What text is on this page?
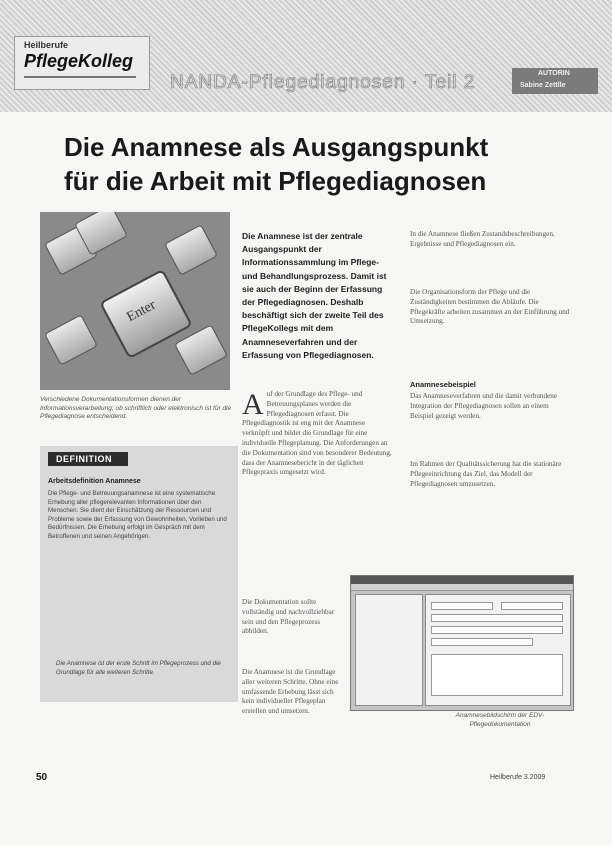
Heilberufe
PflegeKolleg
NANDA-Pflegediagnosen · Teil 2	AUTORIN
Sabine Zettlle
Die Anamnese als Ausgangspunkt
für die Arbeit mit Pflegediagnosen
Enter
Verschiedene Dokumentationsformen dienen der Informationsverarbeitung; ob schriftlich oder elektronisch ist für die Pflegediagnose entscheidend.
DEFINITION
Arbeitsdefinition Anamnese
Die Pflege- und Betreuungsanamnese ist eine systematische Erhebung aller pflegerelevanten Informationen über den Menschen. Sie dient der Einschätzung der Ressourcen und Probleme sowie der Erfassung von Gewohnheiten, Vorlieben und Bedürfnissen. Die Erhebung erfolgt im Gespräch mit dem Betroffenen und seinen Angehörigen.
Die Anamnese ist der erste Schritt im Pflegeprozess und die Grundlage für alle weiteren Schritte.
Die Anamnese ist der zentrale Ausgangspunkt der Informationssammlung im Pflege- und Behandlungsprozess. Damit ist sie auch der Beginn der Erfassung der Pflegediagnosen. Deshalb beschäftigt sich der zweite Teil des PflegeKollegs mit dem Anamneseverfahren und der Erfassung von Pflegediagnosen.
Auf der Grundlage des Pflege- und Betreuungsplanes werden die Pflegediagnosen erfasst. Die Pflegediagnostik ist eng mit der Anamnese verknüpft und bildet die Grundlage für eine individuelle Pflegeplanung. Die Anforderungen an die Dokumentation sind von besonderer Bedeutung, dass der Anamnesebericht in der täglichen Pflegepraxis umgesetzt wird.
Die Dokumentation sollte vollständig und nachvollziehbar sein und den Pflegeprozess abbilden.
Die Anamnese ist die Grundlage aller weiteren Schritte. Ohne eine umfassende Erhebung lässt sich kein individueller Pflegeplan erstellen und umsetzen.
In die Anamnese fließen Zustandsbeschreibungen, Ergebnisse und Pflegediagnosen ein.
Die Organisationsform der Pflege und die Zuständigkeiten bestimmen die Abläufe. Die Pflegekräfte arbeiten zusammen an der Einführung und Umsetzung.
Anamnesebeispiel
Das Anamneseverfahren und die damit verbundene Integration der Pflegediagnosen sollen an einem Beispiel gezeigt werden.
Im Rahmen der Qualitätssicherung hat die stationäre Pflegeeinrichtung das Ziel, das Modell der Pflegediagnosen umzusetzen.
Anamnesebildschirm der EDV-Pflegedokumentation
50	Heilberufe 3.2009
